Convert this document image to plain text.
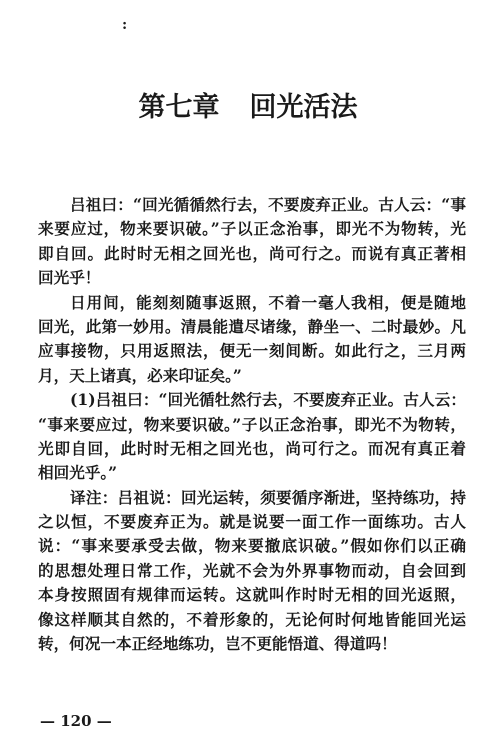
:
第七章 回光活法
吕祖曰：“回光循循然行去，不要废弃正业。古人云：“事
来要应过，物来要识破。”子以正念治事，即光不为物转，光
即自回。此时时无相之回光也，尚可行之。而说有真正著相
回光乎！
日用间，能刻刻随事返照，不着一毫人我相，便是随地
回光，此第一妙用。清晨能遣尽诸缘，静坐一、二时最妙。凡
应事接物，只用返照法，便无一刻间断。如此行之，三月两
月，天上诸真，必来印证矣。”
(1)吕祖曰：“回光循牡然行去，不要废弃正业。古人云：
“事来要应过，物来要识破。”子以正念治事，即光不为物转，
光即自回，此时时无相之回光也，尚可行之。而况有真正着
相回光乎。”
译注：吕祖说：回光运转，须要循序渐进，坚持练功，持
之以恒，不要废弃正为。就是说要一面工作一面练功。古人
说：“事来要承受去做，物来要撤底识破。”假如你们以正确
的思想处理日常工作，光就不会为外界事物而动，自会回到
本身按照固有规律而运转。这就叫作时时无相的回光返照，
像这样顺其自然的，不着形象的，无论何时何地皆能回光运
转，何况一本正经地练功，岂不更能悟道、得道吗！
— 120 —
